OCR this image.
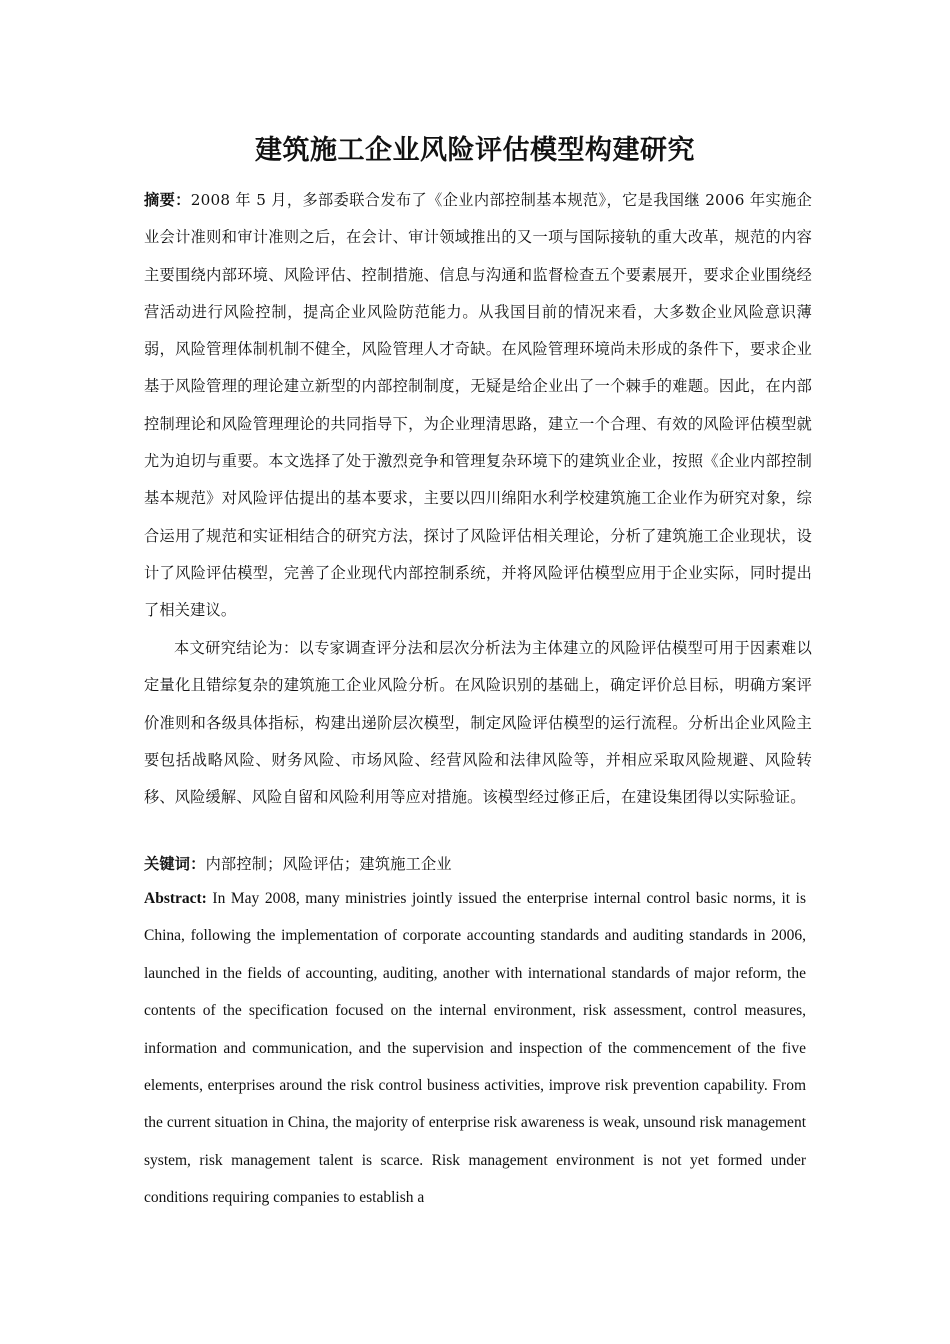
建筑施工企业风险评估模型构建研究

摘要：2008 年 5 月，多部委联合发布了《企业内部控制基本规范》，它是我国继 2006 年实施企业会计准则和审计准则之后，在会计、审计领域推出的又一项与国际接轨的重大改革，规范的内容主要围绕内部环境、风险评估、控制措施、信息与沟通和监督检查五个要素展开，要求企业围绕经营活动进行风险控制，提高企业风险防范能力。从我国目前的情况来看，大多数企业风险意识薄弱，风险管理体制机制不健全，风险管理人才奇缺。在风险管理环境尚未形成的条件下，要求企业基于风险管理的理论建立新型的内部控制制度，无疑是给企业出了一个棘手的难题。因此，在内部控制理论和风险管理理论的共同指导下，为企业理清思路，建立一个合理、有效的风险评估模型就尤为迫切与重要。本文选择了处于激烈竞争和管理复杂环境下的建筑业企业，按照《企业内部控制基本规范》对风险评估提出的基本要求，主要以四川绵阳水利学校建筑施工企业作为研究对象，综合运用了规范和实证相结合的研究方法，探讨了风险评估相关理论，分析了建筑施工企业现状，设计了风险评估模型，完善了企业现代内部控制系统，并将风险评估模型应用于企业实际，同时提出了相关建议。

本文研究结论为：以专家调查评分法和层次分析法为主体建立的风险评估模型可用于因素难以定量化且错综复杂的建筑施工企业风险分析。在风险识别的基础上，确定评价总目标，明确方案评价准则和各级具体指标，构建出递阶层次模型，制定风险评估模型的运行流程。分析出企业风险主要包括战略风险、财务风险、市场风险、经营风险和法律风险等，并相应采取风险规避、风险转移、风险缓解、风险自留和风险利用等应对措施。该模型经过修正后，在建设集团得以实际验证。

关键词：内部控制；风险评估；建筑施工企业

Abstract: In May 2008, many ministries jointly issued the enterprise internal control basic norms, it is China, following the implementation of corporate accounting standards and auditing standards in 2006, launched in the fields of accounting, auditing, another with international standards of major reform, the contents of the specification focused on the internal environment, risk assessment, control measures, information and communication, and the supervision and inspection of the commencement of the five elements, enterprises around the risk control business activities, improve risk prevention capability. From the current situation in China, the majority of enterprise risk awareness is weak, unsound risk management system, risk management talent is scarce. Risk management environment is not yet formed under conditions requiring companies to establish a
